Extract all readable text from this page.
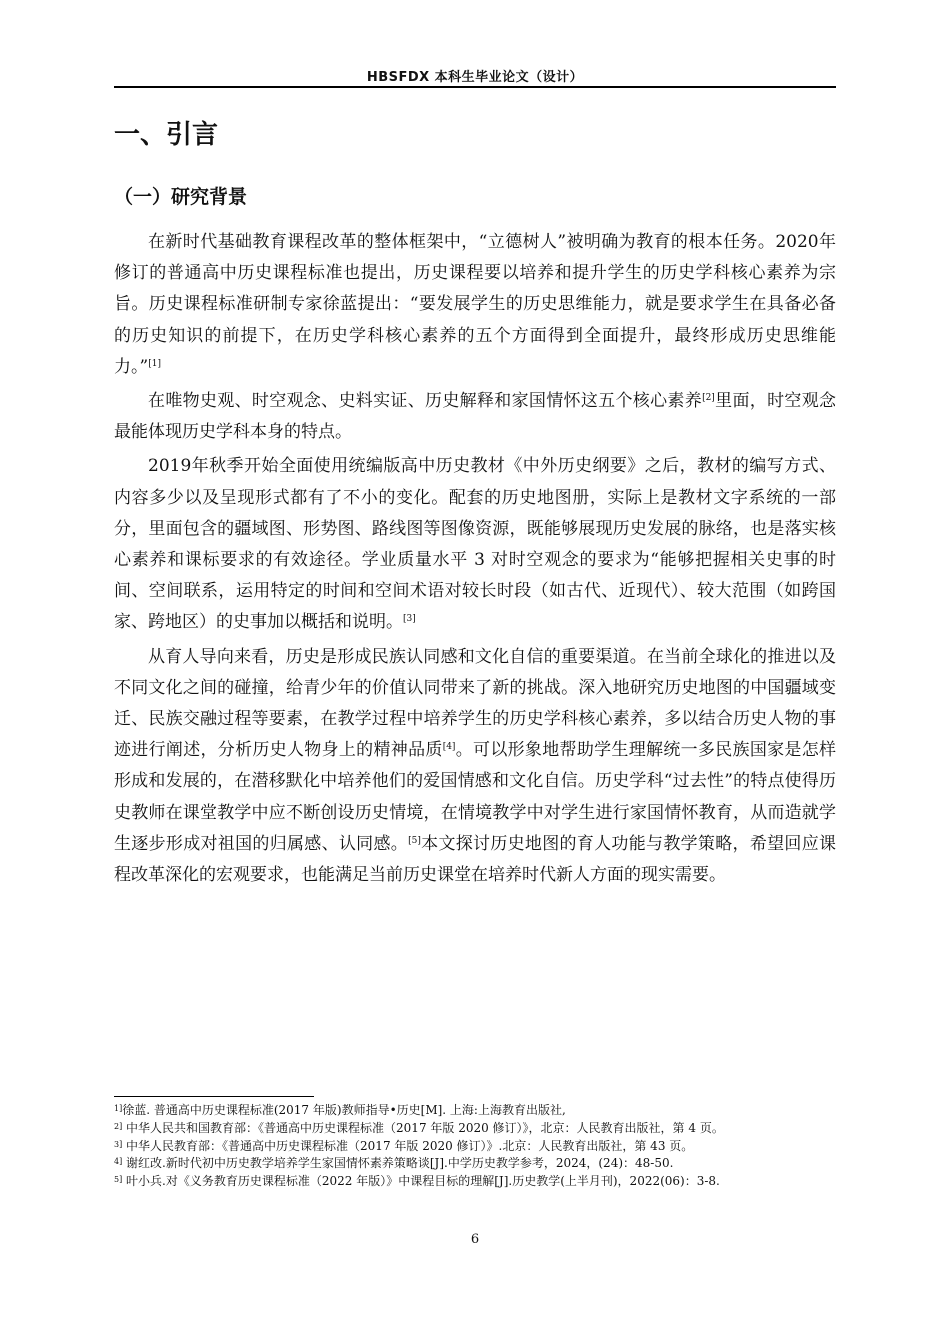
HBSFDX 本科生毕业论文（设计）
一、引言
（一）研究背景

在新时代基础教育课程改革的整体框架中，“立德树人”被明确为教育的根本任务。2020年修订的普通高中历史课程标准也提出，历史课程要以培养和提升学生的历史学科核心素养为宗旨。历史课程标准研制专家徐蓝提出：“要发展学生的历史思维能力，就是要求学生在具备必备的历史知识的前提下，在历史学科核心素养的五个方面得到全面提升，最终形成历史思维能力。”[1]

在唯物史观、时空观念、史料实证、历史解释和家国情怀这五个核心素养[2]里面，时空观念最能体现历史学科本身的特点。

2019年秋季开始全面使用统编版高中历史教材《中外历史纲要》之后，教材的编写方式、内容多少以及呈现形式都有了不小的变化。配套的历史地图册，实际上是教材文字系统的一部分，里面包含的疆域图、形势图、路线图等图像资源，既能够展现历史发展的脉络，也是落实核心素养和课标要求的有效途径。学业质量水平 3 对时空观念的要求为“能够把握相关史事的时间、空间联系，运用特定的时间和空间术语对较长时段（如古代、近现代）、较大范围（如跨国家、跨地区）的史事加以概括和说明。[3]

从育人导向来看，历史是形成民族认同感和文化自信的重要渠道。在当前全球化的推进以及不同文化之间的碰撞，给青少年的价值认同带来了新的挑战。深入地研究历史地图的中国疆域变迁、民族交融过程等要素，在教学过程中培养学生的历史学科核心素养，多以结合历史人物的事迹进行阐述，分析历史人物身上的精神品质[4]。可以形象地帮助学生理解统一多民族国家是怎样形成和发展的，在潜移默化中培养他们的爱国情感和文化自信。历史学科“过去性”的特点使得历史教师在课堂教学中应不断创设历史情境，在情境教学中对学生进行家国情怀教育，从而造就学生逐步形成对祖国的归属感、认同感。[5]本文探讨历史地图的育人功能与教学策略，希望回应课程改革深化的宏观要求，也能满足当前历史课堂在培养时代新人方面的现实需要。

$^{1]}$徐蓝. 普通高中历史课程标准(2017 年版)教师指导•历史[M]. 上海:上海教育出版社,

$^{2]}$ 中华人民共和国教育部：《普通高中历史课程标准（2017 年版 2020 修订）》，北京：人民教育出版社，第 4 页。

$^{3]}$ 中华人民教育部：《普通高中历史课程标准（2017 年版 2020 修订）》.北京：人民教育出版社，第 43 页。

$^{4]}$ 谢红改.新时代初中历史教学培养学生家国情怀素养策略谈[J].中学历史教学参考，2024，(24)：48-50.

$^{5]}$ 叶小兵.对《义务教育历史课程标准（2022 年版）》中课程目标的理解[J].历史教学(上半月刊)，2022(06)：3-8.

6
